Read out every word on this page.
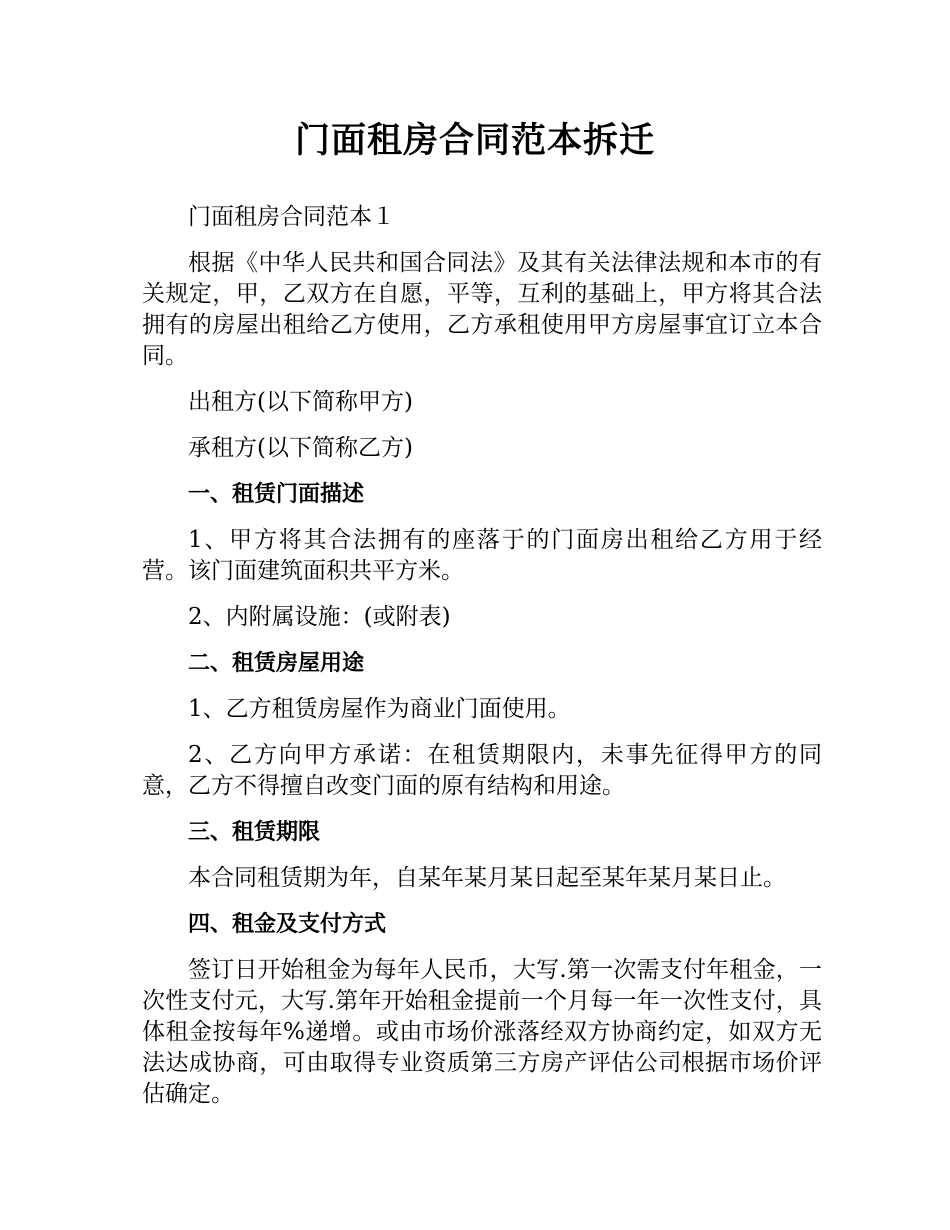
门面租房合同范本拆迁

门面租房合同范本１

根据《中华人民共和国合同法》及其有关法律法规和本市的有关规定，甲，乙双方在自愿，平等，互利的基础上，甲方将其合法拥有的房屋出租给乙方使用，乙方承租使用甲方房屋事宜订立本合同。

出租方(以下简称甲方)

承租方(以下简称乙方)

一、租赁门面描述

1、甲方将其合法拥有的座落于的门面房出租给乙方用于经营。该门面建筑面积共平方米。

2、内附属设施：(或附表)

二、租赁房屋用途

1、乙方租赁房屋作为商业门面使用。

2、乙方向甲方承诺：在租赁期限内，未事先征得甲方的同意，乙方不得擅自改变门面的原有结构和用途。

三、租赁期限

本合同租赁期为年，自某年某月某日起至某年某月某日止。

四、租金及支付方式

签订日开始租金为每年人民币，大写.第一次需支付年租金，一次性支付元，大写.第年开始租金提前一个月每一年一次性支付，具体租金按每年%递增。或由市场价涨落经双方协商约定，如双方无法达成协商，可由取得专业资质第三方房产评估公司根据市场价评估确定。
